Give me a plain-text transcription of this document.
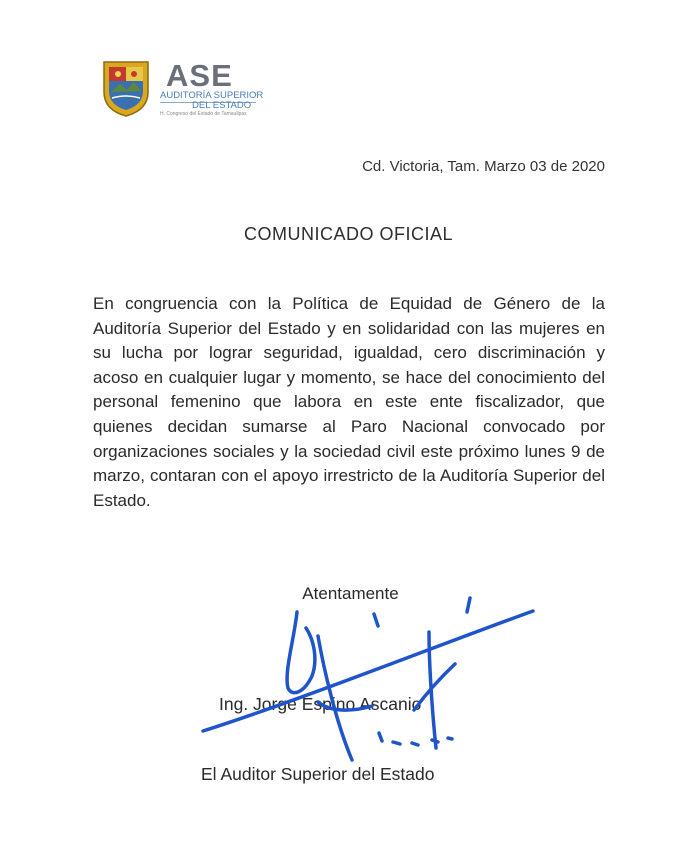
ASE
AUDITORÍA SUPERIOR
DEL ESTADO
H. Congreso del Estado de Tamaulipas
Cd. Victoria, Tam. Marzo 03 de 2020
COMUNICADO OFICIAL

En congruencia con la Política de Equidad de Género de la Auditoría Superior del Estado y en solidaridad con las mujeres en su lucha por lograr seguridad, igualdad, cero discriminación y acoso en cualquier lugar y momento, se hace del conocimiento del personal femenino que labora en este ente fiscalizador, que quienes decidan sumarse al Paro Nacional convocado por organizaciones sociales y la sociedad civil este próximo lunes 9 de marzo, contaran con el apoyo irrestricto de la Auditoría Superior del Estado.

Atentamente
Ing. Jorge Espino Ascanio
El Auditor Superior del Estado
